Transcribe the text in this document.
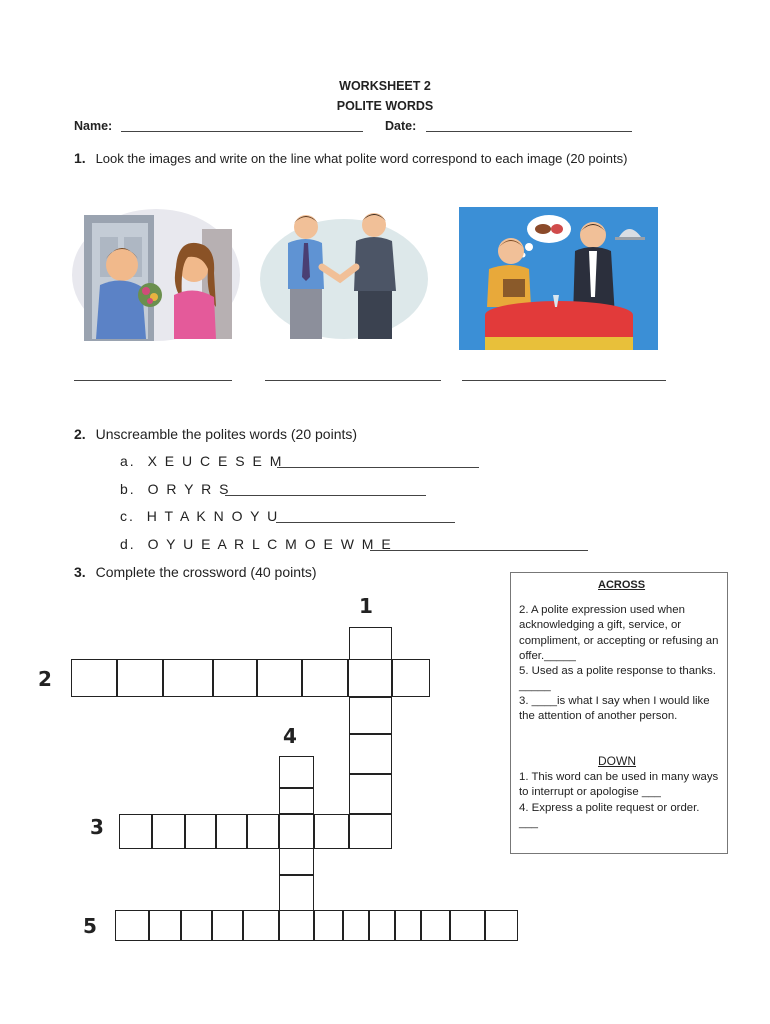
WORKSHEET 2
POLITE WORDS
Name:	Date:
1. Look the images and write on the line what polite word correspond to each image (20 points)
2. Unscreamble the polites words (20 points)
a. X E U C E S E M
b. O R Y R S
c. H T A K N O Y U
d. O Y U E A R L C M O E W M E
3. Complete the crossword (40 points)
1
2
4
3
5
ACROSS
2. A polite expression used when acknowledging a gift, service, or compliment, or accepting or refusing an offer._____
5. Used as a polite response to thanks. _____
3. ____is what I say when I would like the attention of another person.
DOWN
1. This word can be used in many ways to interrupt or apologise ___
4. Express a polite request or order. ___
